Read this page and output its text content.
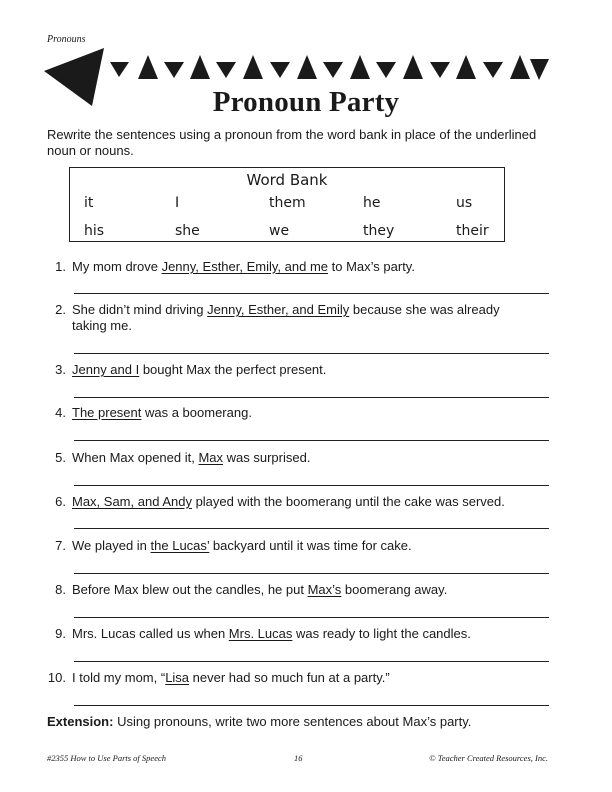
Pronouns
Pronoun Party
Rewrite the sentences using a pronoun from the word bank in place of the underlined noun or nouns.
Word Bank
it	I	them	he	us
his	she	we	they	their
1. My mom drove Jenny, Esther, Emily, and me to Max’s party.
2. She didn’t mind driving Jenny, Esther, and Emily because she was already
taking me.
3. Jenny and I bought Max the perfect present.
4. The present was a boomerang.
5. When Max opened it, Max was surprised.
6. Max, Sam, and Andy played with the boomerang until the cake was served.
7. We played in the Lucas’ backyard until it was time for cake.
8. Before Max blew out the candles, he put Max’s boomerang away.
9. Mrs. Lucas called us when Mrs. Lucas was ready to light the candles.
10. I told my mom, “Lisa never had so much fun at a party.”
Extension: Using pronouns, write two more sentences about Max’s party.
#2355 How to Use Parts of Speech	16	© Teacher Created Resources, Inc.
